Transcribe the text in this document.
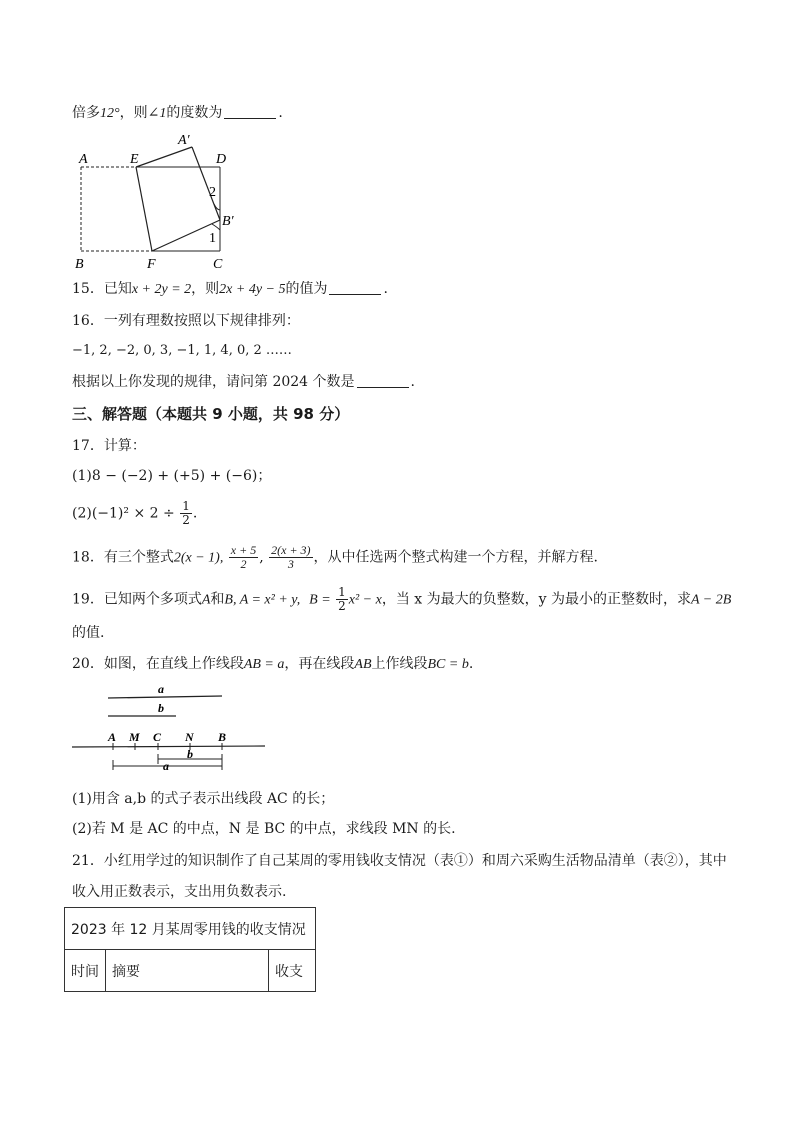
倍多12°，则∠1的度数为	.
A	E
A′
D
2
B′
1
B	F	C
15．已知x + 2y = 2，则2x + 4y − 5的值为	.
16．一列有理数按照以下规律排列：
−1, 2, −2, 0, 3, −1, 1, 4, 0, 2 ……
根据以上你发现的规律，请问第 2024 个数是	.
三、解答题（本题共 9 小题，共 98 分）
17．计算：
(1)8 − (−2) + (+5) + (−6)；
$(2)(-1)^2 \times 2 \div \frac{1}{2}$ .
18．有三个整式2(x − 1), $\frac{x + 5}{2}$ , $\frac{2(x + 3)}{3}$ ，从中任选两个整式构建一个方程，并解方程.
19．已知两个多项式A和B, A = x² + y, $B = \frac{1}{2} x^2 - x$，当 x 为最大的负整数，y 为最小的正整数时，求A − 2B
的值.
20．如图，在直线上作线段AB = a，再在线段AB上作线段BC = b.
a
b
A M C N B
b
a
(1)用含 a,b 的式子表示出线段 AC 的长；
(2)若 M 是 AC 的中点，N 是 BC 的中点，求线段 MN 的长.
21．小红用学过的知识制作了自己某周的零用钱收支情况（表①）和周六采购生活物品清单（表②），其中
收入用正数表示，支出用负数表示.
2023 年 12 月某周零用钱的收支情况
时间	摘要	收支
